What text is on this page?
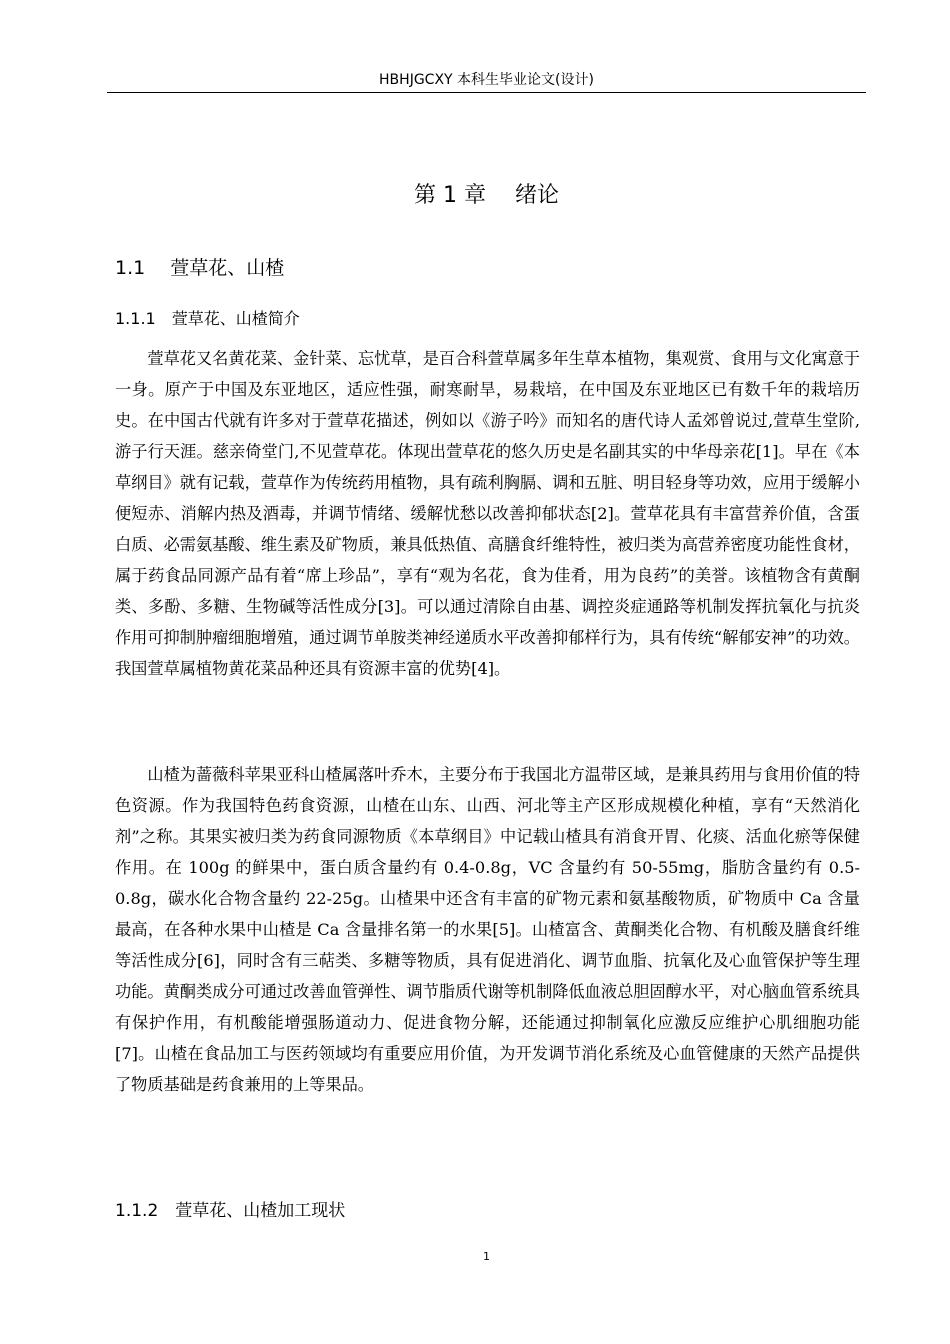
HBHJGCXY 本科生毕业论文(设计)
第 1 章　 绪论
1.1　 萱草花、山楂
1.1.1　萱草花、山楂简介

萱草花又名黄花菜、金针菜、忘忧草，是百合科萱草属多年生草本植物，集观赏、食用与文化寓意于一身。原产于中国及东亚地区，适应性强，耐寒耐旱，易栽培，在中国及东亚地区已有数千年的栽培历史。在中国古代就有许多对于萱草花描述，例如以《游子吟》而知名的唐代诗人孟郊曾说过,萱草生堂阶,游子行天涯。慈亲倚堂门,不见萱草花。体现出萱草花的悠久历史是名副其实的中华母亲花[1]。早在《本草纲目》就有记载，萱草作为传统药用植物，具有疏利胸膈、调和五脏、明目轻身等功效，应用于缓解小便短赤、消解内热及酒毒，并调节情绪、缓解忧愁以改善抑郁状态[2]。萱草花具有丰富营养价值，含蛋白质、必需氨基酸、维生素及矿物质，兼具低热值、高膳食纤维特性，被归类为高营养密度功能性食材，属于药食品同源产品有着“席上珍品”，享有“观为名花，食为佳肴，用为良药”的美誉。该植物含有黄酮类、多酚、多糖、生物碱等活性成分[3]。可以通过清除自由基、调控炎症通路等机制发挥抗氧化与抗炎作用可抑制肿瘤细胞增殖，通过调节单胺类神经递质水平改善抑郁样行为，具有传统“解郁安神”的功效。我国萱草属植物黄花菜品种还具有资源丰富的优势[4]。

山楂为蔷薇科苹果亚科山楂属落叶乔木，主要分布于我国北方温带区域，是兼具药用与食用价值的特色资源。作为我国特色药食资源，山楂在山东、山西、河北等主产区形成规模化种植，享有“天然消化剂”之称。其果实被归类为药食同源物质《本草纲目》中记载山楂具有消食开胃、化痰、活血化瘀等保健作用。在 100g 的鲜果中，蛋白质含量约有 0.4-0.8g，VC 含量约有 50-55mg，脂肪含量约有 0.5-0.8g，碳水化合物含量约 22-25g。山楂果中还含有丰富的矿物元素和氨基酸物质，矿物质中 Ca 含量最高，在各种水果中山楂是 Ca 含量排名第一的水果[5]。山楂富含、黄酮类化合物、有机酸及膳食纤维等活性成分[6]，同时含有三萜类、多糖等物质，具有促进消化、调节血脂、抗氧化及心血管保护等生理功能。黄酮类成分可通过改善血管弹性、调节脂质代谢等机制降低血液总胆固醇水平，对心脑血管系统具有保护作用，有机酸能增强肠道动力、促进食物分解，还能通过抑制氧化应激反应维护心肌细胞功能[7]。山楂在食品加工与医药领域均有重要应用价值，为开发调节消化系统及心血管健康的天然产品提供了物质基础是药食兼用的上等果品。

1.1.2　萱草花、山楂加工现状
1
